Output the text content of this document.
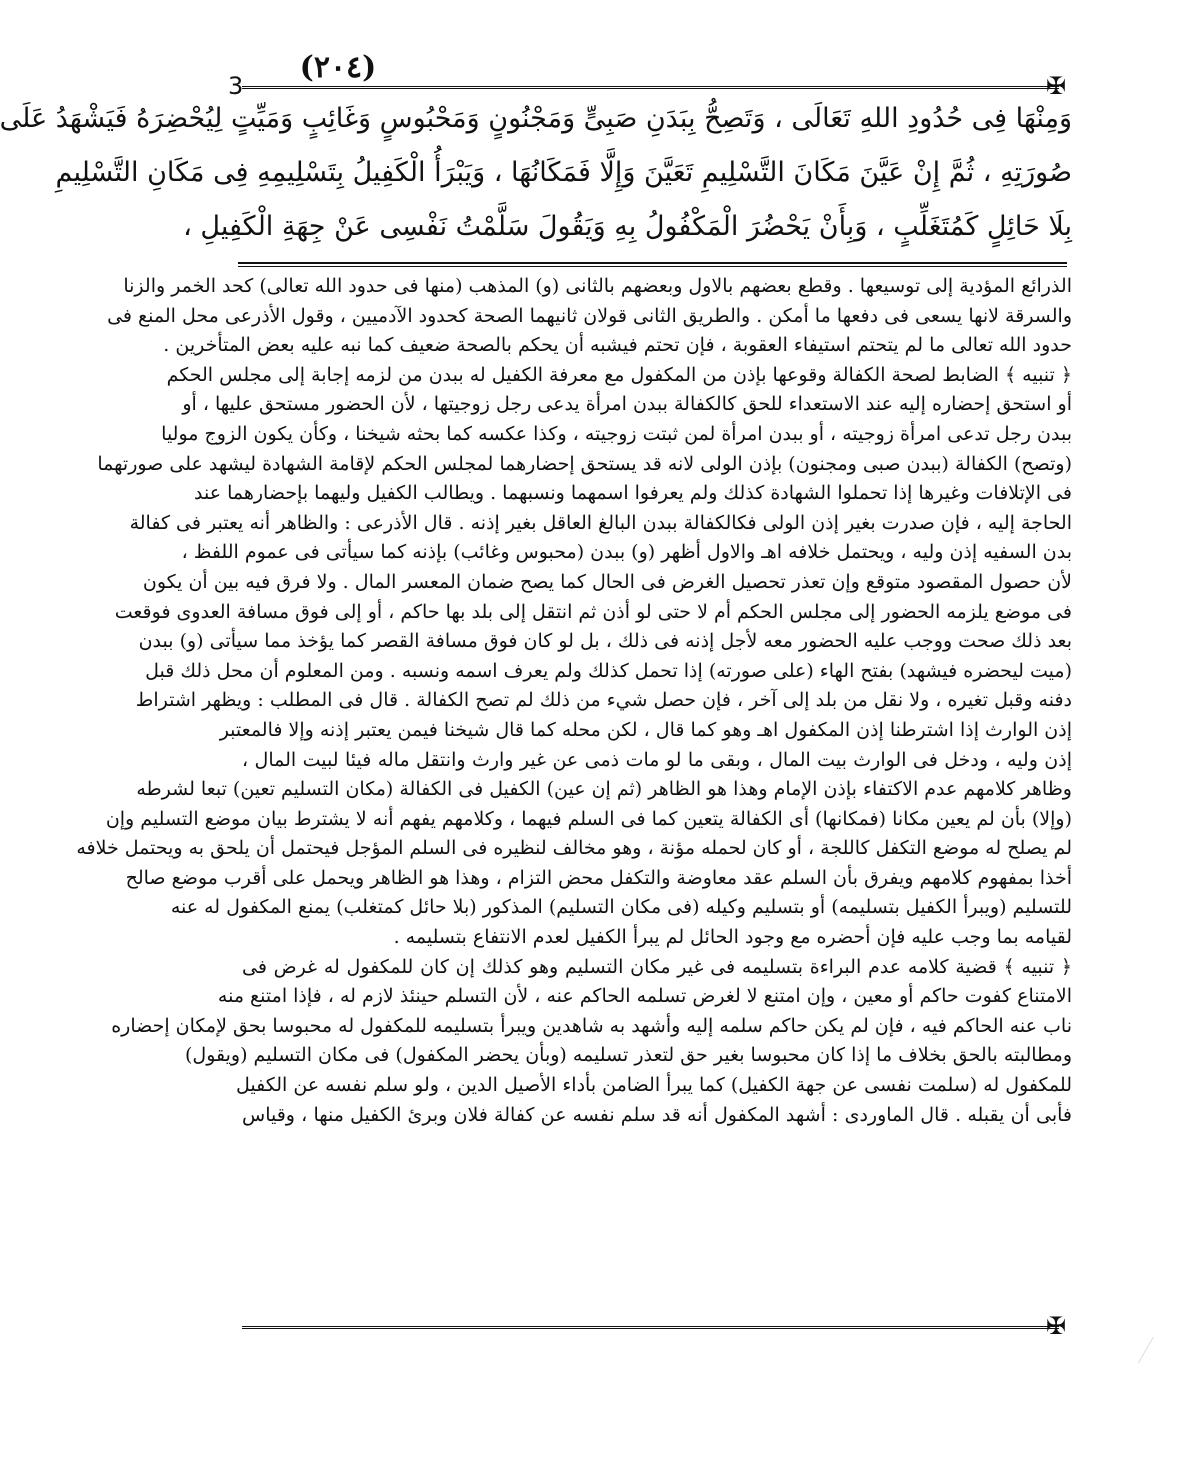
3
(٢٠٤)
✠
وَمِنْهَا فِى حُدُودِ اللهِ تَعَالَى ، وَتَصِحُّ بِبَدَنِ صَبِىٍّ وَمَجْنُونٍ وَمَحْبُوسٍ وَغَائِبٍ وَمَيِّتٍ لِيُحْضِرَهُ فَيَشْهَدُ عَلَى
صُورَتِهِ ، ثُمَّ إِنْ عَيَّنَ مَكَانَ التَّسْلِيمِ تَعَيَّنَ وَإِلَّا فَمَكَانُهَا ، وَيَبْرَأُ الْكَفِيلُ بِتَسْلِيمِهِ فِى مَكَانِ التَّسْلِيمِ
بِلَا حَائِلٍ كَمُتَغَلِّبٍ ، وَبِأَنْ يَحْضُرَ الْمَكْفُولُ بِهِ وَيَقُولَ سَلَّمْتُ نَفْسِى عَنْ جِهَةِ الْكَفِيلِ ،
الذرائع المؤدية إلى توسيعها . وقطع بعضهم بالاول وبعضهم بالثانى (و) المذهب (منها فى حدود الله تعالى) كحد الخمر والزنا
والسرقة لانها يسعى فى دفعها ما أمكن . والطريق الثانى قولان ثانيهما الصحة كحدود الآدميين ، وقول الأذرعى محل المنع فى
حدود الله تعالى ما لم يتحتم استيفاء العقوبة ، فإن تحتم فيشبه أن يحكم بالصحة ضعيف كما نبه عليه بعض المتأخرين .
﴿ تنبيه ﴾ الضابط لصحة الكفالة وقوعها بإذن من المكفول مع معرفة الكفيل له ببدن من لزمه إجابة إلى مجلس الحكم
أو استحق إحضاره إليه عند الاستعداء للحق كالكفالة ببدن امرأة يدعى رجل زوجيتها ، لأن الحضور مستحق عليها ، أو
ببدن رجل تدعى امرأة زوجيته ، أو ببدن امرأة لمن ثبتت زوجيته ، وكذا عكسه كما بحثه شيخنا ، وكأن يكون الزوج موليا
(وتصح) الكفالة (ببدن صبى ومجنون) بإذن الولى لانه قد يستحق إحضارهما لمجلس الحكم لإقامة الشهادة ليشهد على صورتهما
فى الإتلافات وغيرها إذا تحملوا الشهادة كذلك ولم يعرفوا اسمهما ونسبهما . ويطالب الكفيل وليهما بإحضارهما عند
الحاجة إليه ، فإن صدرت بغير إذن الولى فكالكفالة ببدن البالغ العاقل بغير إذنه . قال الأذرعى : والظاهر أنه يعتبر فى كفالة
بدن السفيه إذن وليه ، ويحتمل خلافه اهـ والاول أظهر (و) ببدن (محبوس وغائب) بإذنه كما سيأتى فى عموم اللفظ ،
لأن حصول المقصود متوقع وإن تعذر تحصيل الغرض فى الحال كما يصح ضمان المعسر المال . ولا فرق فيه بين أن يكون
فى موضع يلزمه الحضور إلى مجلس الحكم أم لا حتى لو أذن ثم انتقل إلى بلد بها حاكم ، أو إلى فوق مسافة العدوى فوقعت
بعد ذلك صحت ووجب عليه الحضور معه لأجل إذنه فى ذلك ، بل لو كان فوق مسافة القصر كما يؤخذ مما سيأتى (و) ببدن
(ميت ليحضره فيشهد) بفتح الهاء (على صورته) إذا تحمل كذلك ولم يعرف اسمه ونسبه . ومن المعلوم أن محل ذلك قبل
دفنه وقبل تغيره ، ولا نقل من بلد إلى آخر ، فإن حصل شيء من ذلك لم تصح الكفالة . قال فى المطلب : ويظهر اشتراط
إذن الوارث إذا اشترطنا إذن المكفول اهـ وهو كما قال ، لكن محله كما قال شيخنا فيمن يعتبر إذنه وإلا فالمعتبر
إذن وليه ، ودخل فى الوارث بيت المال ، وبقى ما لو مات ذمى عن غير وارث وانتقل ماله فيئا لبيت المال ،
وظاهر كلامهم عدم الاكتفاء بإذن الإمام وهذا هو الظاهر (ثم إن عين) الكفيل فى الكفالة (مكان التسليم تعين) تبعا لشرطه
(وإلا) بأن لم يعين مكانا (فمكانها) أى الكفالة يتعين كما فى السلم فيهما ، وكلامهم يفهم أنه لا يشترط بيان موضع التسليم وإن
لم يصلح له موضع التكفل كاللجة ، أو كان لحمله مؤنة ، وهو مخالف لنظيره فى السلم المؤجل فيحتمل أن يلحق به ويحتمل خلافه
أخذا بمفهوم كلامهم ويفرق بأن السلم عقد معاوضة والتكفل محض التزام ، وهذا هو الظاهر ويحمل على أقرب موضع صالح
للتسليم (ويبرأ الكفيل بتسليمه) أو بتسليم وكيله (فى مكان التسليم) المذكور (بلا حائل كمتغلب) يمنع المكفول له عنه
لقيامه بما وجب عليه فإن أحضره مع وجود الحائل لم يبرأ الكفيل لعدم الانتفاع بتسليمه .
﴿ تنبيه ﴾ قضية كلامه عدم البراءة بتسليمه فى غير مكان التسليم وهو كذلك إن كان للمكفول له غرض فى
الامتناع كفوت حاكم أو معين ، وإن امتنع لا لغرض تسلمه الحاكم عنه ، لأن التسلم حينئذ لازم له ، فإذا امتنع منه
ناب عنه الحاكم فيه ، فإن لم يكن حاكم سلمه إليه وأشهد به شاهدين ويبرأ بتسليمه للمكفول له محبوسا بحق لإمكان إحضاره
ومطالبته بالحق بخلاف ما إذا كان محبوسا بغير حق لتعذر تسليمه (وبأن يحضر المكفول) فى مكان التسليم (ويقول)
للمكفول له (سلمت نفسى عن جهة الكفيل) كما يبرأ الضامن بأداء الأصيل الدين ، ولو سلم نفسه عن الكفيل
فأبى أن يقبله . قال الماوردى : أشهد المكفول أنه قد سلم نفسه عن كفالة فلان وبرئ الكفيل منها ، وقياس
✠
